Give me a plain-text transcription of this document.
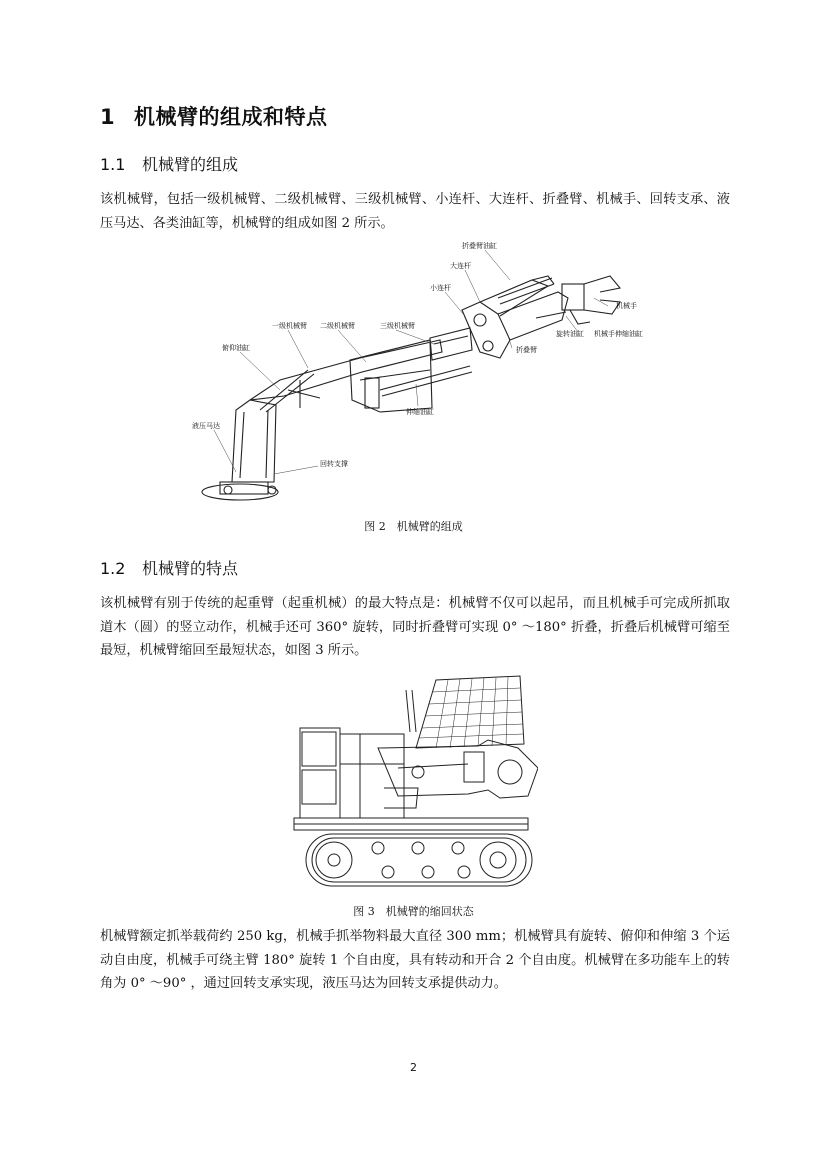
1 机械臂的组成和特点
1.1 机械臂的组成

该机械臂，包括一级机械臂、二级机械臂、三级机械臂、小连杆、大连杆、折叠臂、机械手、回转支承、液压马达、各类油缸等，机械臂的组成如图 2 所示。

折叠臂油缸
大连杆
小连杆
机械手
一级机械臂 二级机械臂	三级机械臂
旋转油缸 机械手伸缩油缸
俯仰油缸	折叠臂
液压马达
伸缩油缸
回转支撑
图 2　机械臂的组成
1.2 机械臂的特点

该机械臂有别于传统的起重臂（起重机械）的最大特点是：机械臂不仅可以起吊，而且机械手可完成所抓取道木（圆）的竖立动作，机械手还可 360° 旋转，同时折叠臂可实现 0° ～180° 折叠，折叠后机械臂可缩至最短，机械臂缩回至最短状态，如图 3 所示。

图 3　机械臂的缩回状态

机械臂额定抓举载荷约 250 kg，机械手抓举物料最大直径 300 mm；机械臂具有旋转、俯仰和伸缩 3 个运动自由度，机械手可绕主臂 180° 旋转 1 个自由度，具有转动和开合 2 个自由度。机械臂在多功能车上的转角为 0° ～90° ，通过回转支承实现，液压马达为回转支承提供动力。

2
